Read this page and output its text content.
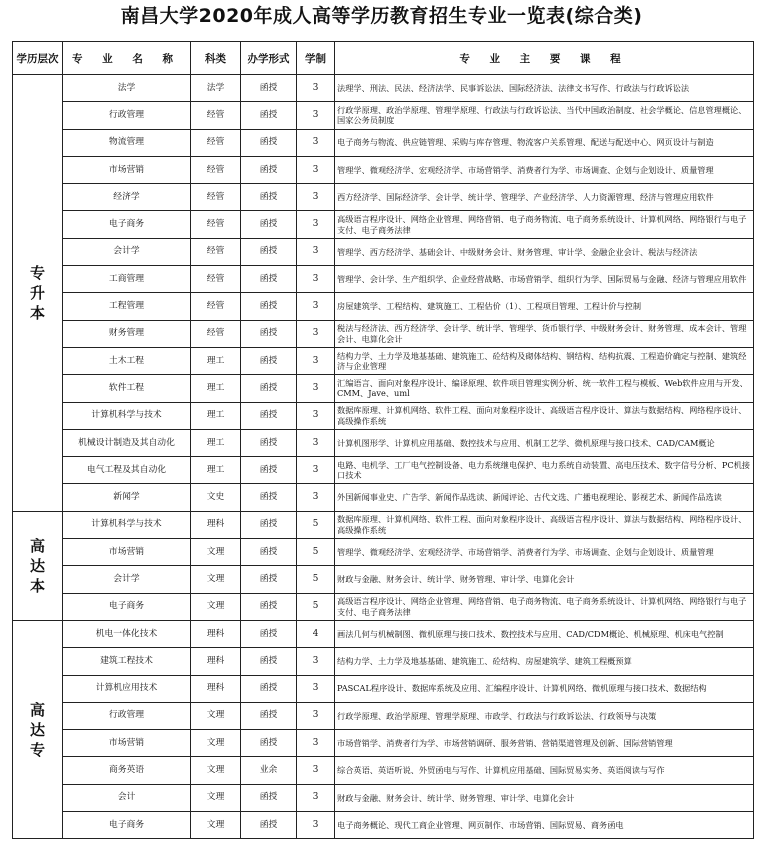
南昌大学2020年成人高等学历教育招生专业一览表(综合类)
学历层次	专 业 名 称	科类	办学形式	学制	专 业 主 要 课 程
专
升
本	法学	法学	函授	3	法理学、刑法、民法、经济法学、民事诉讼法、国际经济法、法律文书写作、行政法与行政诉讼法
	行政管理	经管	函授	3	行政学原理、政治学原理、管理学原理、行政法与行政诉讼法、当代中国政治制度、社会学概论、信息管理概论、国家公务员制度
	物流管理	经管	函授	3	电子商务与物流、供应链管理、采购与库存管理、物流客户关系管理、配送与配送中心、网页设计与制造
	市场营销	经管	函授	3	管理学、微观经济学、宏观经济学、市场营销学、消费者行为学、市场调查、企划与企划设计、质量管理
	经济学	经管	函授	3	西方经济学、国际经济学、会计学、统计学、管理学、产业经济学、人力资源管理、经济与管理应用软件
	电子商务	经管	函授	3	高级语言程序设计、网络企业管理、网络营销、电子商务物流、电子商务系统设计、计算机网络、网络银行与电子支付、电子商务法律
	会计学	经管	函授	3	管理学、西方经济学、基础会计、中级财务会计、财务管理、审计学、金融企业会计、税法与经济法
	工商管理	经管	函授	3	管理学、会计学、生产组织学、企业经营战略、市场营销学、组织行为学、国际贸易与金融、经济与管理应用软件
	工程管理	经管	函授	3	房屋建筑学、工程结构、建筑施工、工程估价（1）、工程项目管理、工程计价与控制
	财务管理	经管	函授	3	税法与经济法、西方经济学、会计学、统计学、管理学、货币银行学、中级财务会计、财务管理、成本会计、管理会计、电算化会计
	土木工程	理工	函授	3	结构力学、土力学及地基基础、建筑施工、砼结构及砌体结构、钢结构、结构抗震、工程造价确定与控制、建筑经济与企业管理
	软件工程	理工	函授	3	汇编语言、面向对象程序设计、编译原理、软件项目管理实例分析、统一软件工程与模板、Web软件应用与开发、CMM、Jave、uml
	计算机科学与技术	理工	函授	3	数据库原理、计算机网络、软件工程、面向对象程序设计、高级语言程序设计、算法与数据结构、网络程序设计、高级操作系统
	机械设计制造及其自动化	理工	函授	3	计算机图形学、计算机应用基础、数控技术与应用、机制工艺学、微机原理与接口技术、CAD/CAM概论
	电气工程及其自动化	理工	函授	3	电路、电机学、工厂电气控制设备、电力系统继电保护、电力系统自动装置、高电压技术、数字信号分析、PC机接口技术
	新闻学	文史	函授	3	外国新闻事业史、广告学、新闻作品选读、新闻评论、古代文选、广播电视理论、影视艺术、新闻作品选读
高
达
本	计算机科学与技术	理科	函授	5	数据库原理、计算机网络、软件工程、面向对象程序设计、高级语言程序设计、算法与数据结构、网络程序设计、高级操作系统
	市场营销	文理	函授	5	管理学、微观经济学、宏观经济学、市场营销学、消费者行为学、市场调查、企划与企划设计、质量管理
	会计学	文理	函授	5	财政与金融、财务会计、统计学、财务管理、审计学、电算化会计
	电子商务	文理	函授	5	高级语言程序设计、网络企业管理、网络营销、电子商务物流、电子商务系统设计、计算机网络、网络银行与电子支付、电子商务法律
高
达
专	机电一体化技术	理科	函授	4	画法几何与机械制图、微机原理与接口技术、数控技术与应用、CAD/CDM概论、机械原理、机床电气控制
	建筑工程技术	理科	函授	3	结构力学、土力学及地基基础、建筑施工、砼结构、房屋建筑学、建筑工程概预算
	计算机应用技术	理科	函授	3	PASCAL程序设计、数据库系统及应用、汇编程序设计、计算机网络、微机原理与接口技术、数据结构
	行政管理	文理	函授	3	行政学原理、政治学原理、管理学原理、市政学、行政法与行政诉讼法、行政领导与决策
	市场营销	文理	函授	3	市场营销学、消费者行为学、市场营销调研、服务营销、营销渠道管理及创新、国际营销管理
	商务英语	文理	业余	3	综合英语、英语听说、外贸函电与写作、计算机应用基础、国际贸易实务、英语阅读与写作
	会计	文理	函授	3	财政与金融、财务会计、统计学、财务管理、审计学、电算化会计
	电子商务	文理	函授	3	电子商务概论、现代工商企业管理、网页制作、市场营销、国际贸易、商务函电
